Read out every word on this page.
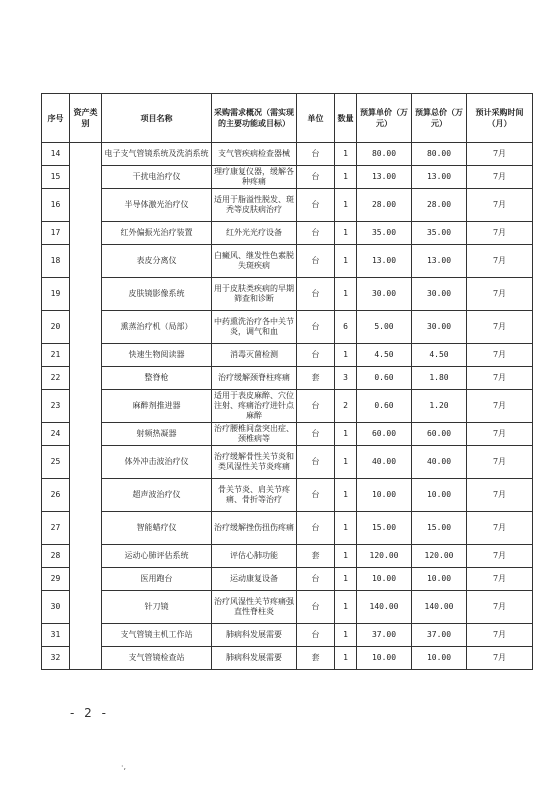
序号	资产类别	项目名称	采购需求概况（需实现的主要功能或目标）	单位	数量	预算单价（万元）	预算总价（万元）	预计采购时间（月）
14		电子支气管镜系统及洗消系统	支气管疾病检查器械	台	1	80.00	80.00	7月
15		干扰电治疗仪	理疗康复仪器，缓解各种疼痛	台	1	13.00	13.00	7月
16		半导体激光治疗仪	适用于脂溢性脱发、斑秃等皮肤病治疗	台	1	28.00	28.00	7月
17		红外偏振光治疗装置	红外光光疗设备	台	1	35.00	35.00	7月
18		表皮分离仪	白癜风、继发性色素脱失斑疾病	台	1	13.00	13.00	7月
19		皮肤镜影像系统	用于皮肤类疾病的早期筛查和诊断	台	1	30.00	30.00	7月
20		熏蒸治疗机（局部）	中药熏洗治疗各中关节炎，调气和血	台	6	5.00	30.00	7月
21		快速生物阅读器	消毒灭菌检测	台	1	4.50	4.50	7月
22		整脊枪	治疗缓解颈脊柱疼痛	套	3	0.60	1.80	7月
23		麻醉剂推进器	适用于表皮麻醉、穴位注射、疼痛治疗进针点麻醉	台	2	0.60	1.20	7月
24		射频热凝器	治疗腰椎间盘突出症、颈椎病等	台	1	60.00	60.00	7月
25		体外冲击波治疗仪	治疗缓解骨性关节炎和类风湿性关节炎疼痛	台	1	40.00	40.00	7月
26		超声波治疗仪	骨关节炎、肩关节疼痛、骨折等治疗	台	1	10.00	10.00	7月
27		智能蜡疗仪	治疗缓解挫伤扭伤疼痛	台	1	15.00	15.00	7月
28		运动心肺评估系统	评估心肺功能	套	1	120.00	120.00	7月
29		医用跑台	运动康复设备	台	1	10.00	10.00	7月
30		针刀镜	治疗风湿性关节疼痛强直性脊柱炎	台	1	140.00	140.00	7月
31		支气管镜主机工作站	肺病科发展需要	台	1	37.00	37.00	7月
32		支气管镜检查站	肺病科发展需要	套	1	10.00	10.00	7月
- 2 -
·,
